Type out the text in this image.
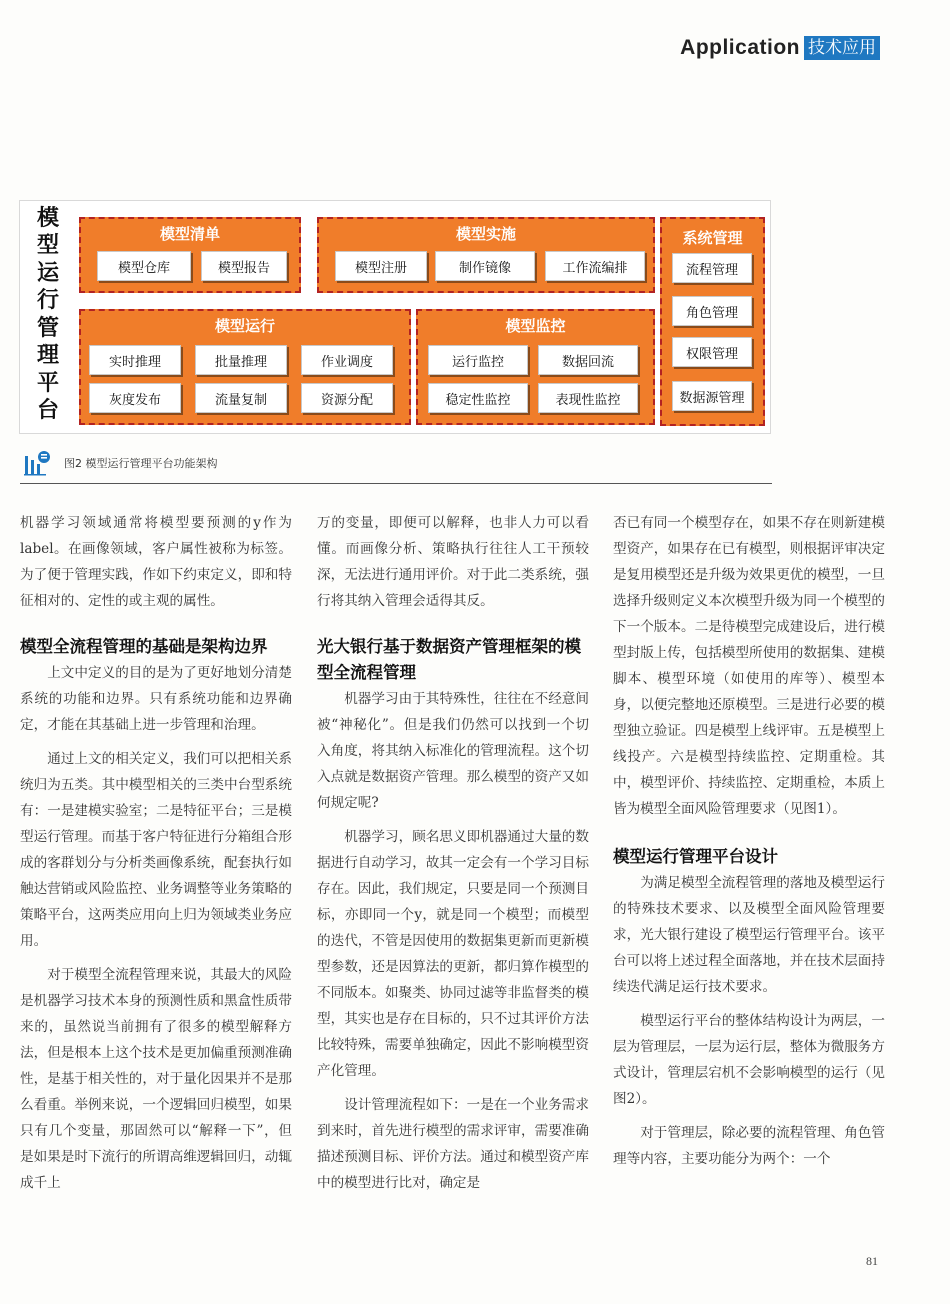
Application 技术应用
模
型
运
行
管
理
平
台
模型清单
模型仓库	模型报告
模型实施
模型注册	制作镜像	工作流编排
系统管理
流程管理
角色管理
权限管理
数据源管理
模型运行
实时推理	批量推理	作业调度
灰度发布	流量复制	资源分配
模型监控
运行监控	数据回流
稳定性监控	表现性监控
图2 模型运行管理平台功能架构

机器学习领域通常将模型要预测的y作为label。在画像领域，客户属性被称为标签。为了便于管理实践，作如下约束定义，即和特征相对的、定性的或主观的属性。

模型全流程管理的基础是架构边界

上文中定义的目的是为了更好地划分清楚系统的功能和边界。只有系统功能和边界确定，才能在其基础上进一步管理和治理。

通过上文的相关定义，我们可以把相关系统归为五类。其中模型相关的三类中台型系统有：一是建模实验室；二是特征平台；三是模型运行管理。而基于客户特征进行分箱组合形成的客群划分与分析类画像系统，配套执行如触达营销或风险监控、业务调整等业务策略的策略平台，这两类应用向上归为领域类业务应用。

对于模型全流程管理来说，其最大的风险是机器学习技术本身的预测性质和黑盒性质带来的，虽然说当前拥有了很多的模型解释方法，但是根本上这个技术是更加偏重预测准确性，是基于相关性的，对于量化因果并不是那么看重。举例来说，一个逻辑回归模型，如果只有几个变量，那固然可以“解释一下”，但是如果是时下流行的所谓高维逻辑回归，动辄成千上

万的变量，即便可以解释，也非人力可以看懂。而画像分析、策略执行往往人工干预较深，无法进行通用评价。对于此二类系统，强行将其纳入管理会适得其反。

光大银行基于数据资产管理框架的模型全流程管理

机器学习由于其特殊性，往往在不经意间被“神秘化”。但是我们仍然可以找到一个切入角度，将其纳入标准化的管理流程。这个切入点就是数据资产管理。那么模型的资产又如何规定呢?

机器学习，顾名思义即机器通过大量的数据进行自动学习，故其一定会有一个学习目标存在。因此，我们规定，只要是同一个预测目标，亦即同一个y，就是同一个模型；而模型的迭代，不管是因使用的数据集更新而更新模型参数，还是因算法的更新，都归算作模型的不同版本。如聚类、协同过滤等非监督类的模型，其实也是存在目标的，只不过其评价方法比较特殊，需要单独确定，因此不影响模型资产化管理。

设计管理流程如下：一是在一个业务需求到来时，首先进行模型的需求评审，需要准确描述预测目标、评价方法。通过和模型资产库中的模型进行比对，确定是

否已有同一个模型存在，如果不存在则新建模型资产，如果存在已有模型，则根据评审决定是复用模型还是升级为效果更优的模型，一旦选择升级则定义本次模型升级为同一个模型的下一个版本。二是待模型完成建设后，进行模型封版上传，包括模型所使用的数据集、建模脚本、模型环境（如使用的库等）、模型本身，以便完整地还原模型。三是进行必要的模型独立验证。四是模型上线评审。五是模型上线投产。六是模型持续监控、定期重检。其中，模型评价、持续监控、定期重检，本质上皆为模型全面风险管理要求（见图1）。

模型运行管理平台设计

为满足模型全流程管理的落地及模型运行的特殊技术要求、以及模型全面风险管理要求，光大银行建设了模型运行管理平台。该平台可以将上述过程全面落地，并在技术层面持续迭代满足运行技术要求。

模型运行平台的整体结构设计为两层，一层为管理层，一层为运行层，整体为微服务方式设计，管理层宕机不会影响模型的运行（见图2）。

对于管理层，除必要的流程管理、角色管理等内容，主要功能分为两个：一个

81
